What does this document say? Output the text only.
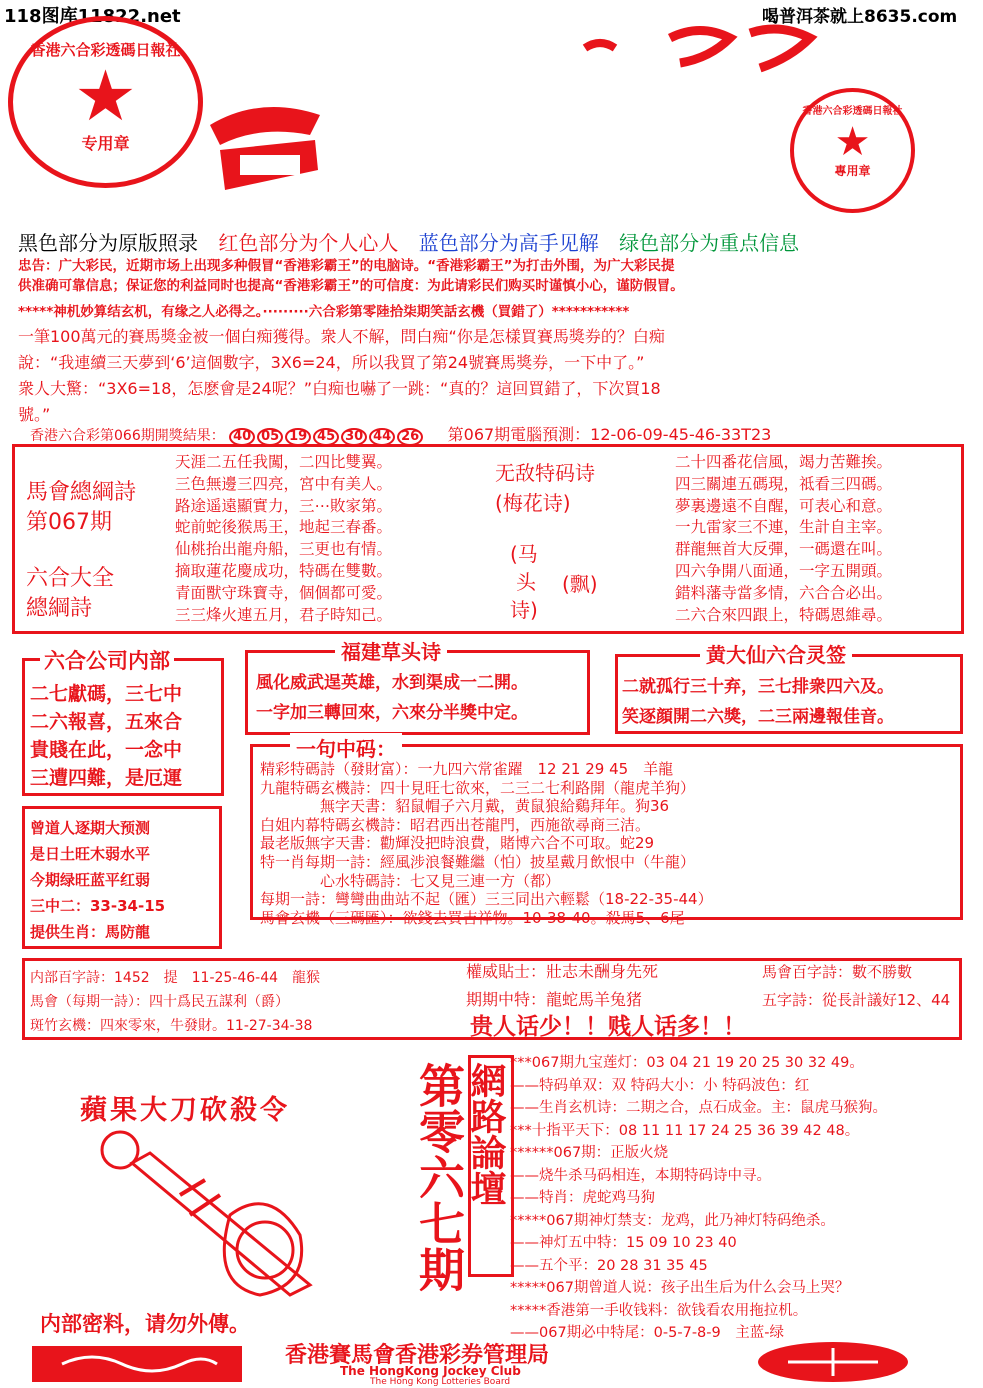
118图库11822.net	喝普洱茶就上8635.com
香港六合彩透碼日報社
★
专用章
香港六合彩透碼日報社
★
專用章
黑色部分为原版照录 红色部分为个人心人 蓝色部分为高手见解 绿色部分为重点信息
忠告：广大彩民，近期市场上出现多种假冒“香港彩霸王”的电脑诗。“香港彩霸王”为打击外围，为广大彩民提
供准确可靠信息；保证您的利益同时也提高“香港彩霸王”的可信度：为此请彩民们购买时谨慎小心，谨防假冒。
*****神机妙算结玄机，有缘之人必得之。·········六合彩第零陸拾柒期笑話玄機（買錯了）***********
一筆100萬元的賽馬獎金被一個白痴獲得。衆人不解，問白痴“你是怎樣買賽馬獎券的？白痴
說：“我連續三天夢到‘6’這個數字，3X6=24，所以我買了第24號賽馬獎券，一下中了。”
衆人大驚：“3X6=18，怎麽會是24呢？”白痴也嚇了一跳：“真的？這回買錯了，下次買18
號。”
香港六合彩第066期開獎結果： 40 05 19 45 30 44 26 第067期電腦預測：12-06-09-45-46-33T23
馬會總綱詩
第067期
六合大全
總綱詩
天涯二五任我闖，二四比雙翼。
三色無邊三四亮，宮中有美人。
路途遥遠顯實力，三⋯敗家第。
蛇前蛇後猴馬王，地起三春番。
仙桃抬出龍舟船，三更也有情。
摘取蓮花慶成功，特碼在雙數。
青面獸守珠寶寺，個個都可愛。
三三烽火連五月，君子時知己。
无敌特码诗
(梅花诗)
(马
头
诗)
(飘)
二十四番花信風，竭力苦難挨。
四三關連五碼現，祗看三四碼。
夢裏邊遠不自醒，可表心和意。
一九雷家三不連，生計自主宰。
群龍無首大反彈，一碼還在叫。
四六争開八面通，一字五開頭。
錯料藩寺當多情，六合合必出。
二六合來四跟上，特碼恩維尋。
六合公司内部
二七獻碼，三七中
二六報喜，五來合
貴賤在此，一念中
三遭四難，是厄運
福建草头诗
風化威武逞英雄，水到渠成一二開。
一字加三轉回來，六來分半獎中定。
黄大仙六合灵签
二就孤行三十弃，三七排衆四六及。
笑逐顔開二六獎，二三兩邊報佳音。
一句中码：
精彩特碼詩（發財富）：一九四六常雀躍　12 21 29 45　羊龍
九龍特碼玄機詩：四十見旺七欲來，二三二七利路開（龍虎羊狗）
　　　　無字天書：貂鼠帽子六月戴，黄鼠狼給鷄拜年。狗36
白姐内幕特碼玄機詩：昭君西出苍龍門，西施欲尋商三洁。
最老版無字天書：勸輝没把時浪費，賭博六合不可取。蛇29
特一肖每期一詩：經風涉浪餐難繼（怕）披星戴月飲恨中（牛龍）
　　　　心水特碼詩：七又見三連一方（都）
每期一詩：彎彎曲曲站不起（匯）三三同出六輕鬆（18-22-35-44）
馬會玄機（三碼匯）：欲錢去買吉祥物。10-38-40。殺馬5、6尾
曾道人逐期大预测
是日土旺木弱水平
今期绿旺蓝平红弱
三中二：33-34-15
提供生肖：馬防龍
内部百字詩：1452　提　11-25-46-44　龍猴
馬會（每期一詩）：四十爲民五謀利（爵）
斑竹玄機：四來零來，牛發財。11-27-34-38
權威貼士：壯志未酬身先死
期期中特：龍蛇馬羊兔猪
馬會百字詩：數不勝數
五字詩：從長計議好12、44
贵人话少！！贱人话多！！
蘋果大刀砍殺令
内部密料，请勿外傳。
第零六七期 網路論壇 ***067期九宝莲灯：03 04 21 19 20 25 30 32 49。
——特码单双：双 特码大小：小 特码波色：红
——生肖玄机诗：二期之合，点石成金。主：鼠虎马猴狗。
***十指平天下：08 11 11 17 24 25 36 39 42 48。
******067期：正版火烧
——烧牛杀马码相连，本期特码诗中寻。
——特肖：虎蛇鸡马狗
*****067期神灯禁支：龙鸡，此乃神灯特码绝杀。
——神灯五中特：15 09 10 23 40
——五个平：20 28 31 35 45
*****067期曾道人说：孩子出生后为什么会马上哭？
*****香港第一手收钱料：欲钱看农用拖拉机。
——067期必中特尾：0-5-7-8-9　主蓝-绿
香港賽馬會香港彩券管理局
The HongKong Jockey Club
The Hong Kong Lotteries Board
